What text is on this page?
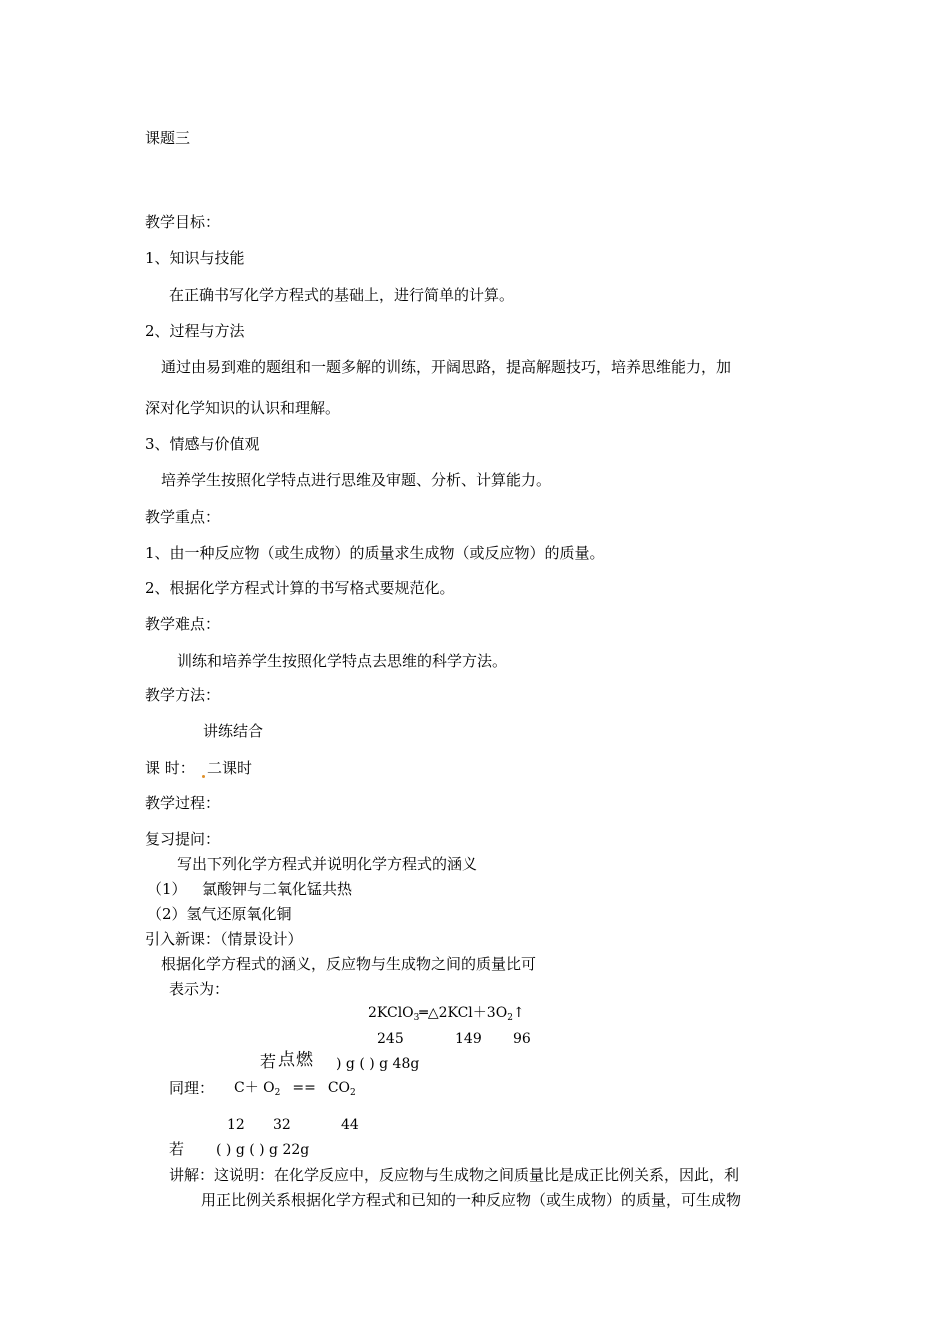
课题三
教学目标：
1、知识与技能
在正确书写化学方程式的基础上，进行简单的计算。
2、过程与方法
通过由易到难的题组和一题多解的训练，开阔思路，提高解题技巧，培养思维能力，加
深对化学知识的认识和理解。
3、情感与价值观
培养学生按照化学特点进行思维及审题、分析、计算能力。
教学重点：
1、由一种反应物（或生成物）的质量求生成物（或反应物）的质量。
2、根据化学方程式计算的书写格式要规范化。
教学难点：
训练和培养学生按照化学特点去思维的科学方法。
教学方法：
讲练结合
课 时： 二课时
教学过程：
复习提问：
写出下列化学方程式并说明化学方程式的涵义
（1） 氯酸钾与二氧化锰共热
（2）氢气还原氧化铜
引入新课：（情景设计）
根据化学方程式的涵义，反应物与生成物之间的质量比可
表示为：
$2KClO_3═\triangle 2KCl+3O_2↑$
245	149 96
若 点燃 ) g ( ) g 48g
同理： $C+ O_2 == CO_2$
12 32	44
若 ( ) g ( ) g 22g
讲解：这说明：在化学反应中，反应物与生成物之间质量比是成正比例关系，因此，利
用正比例关系根据化学方程式和已知的一种反应物（或生成物）的质量，可生成物
